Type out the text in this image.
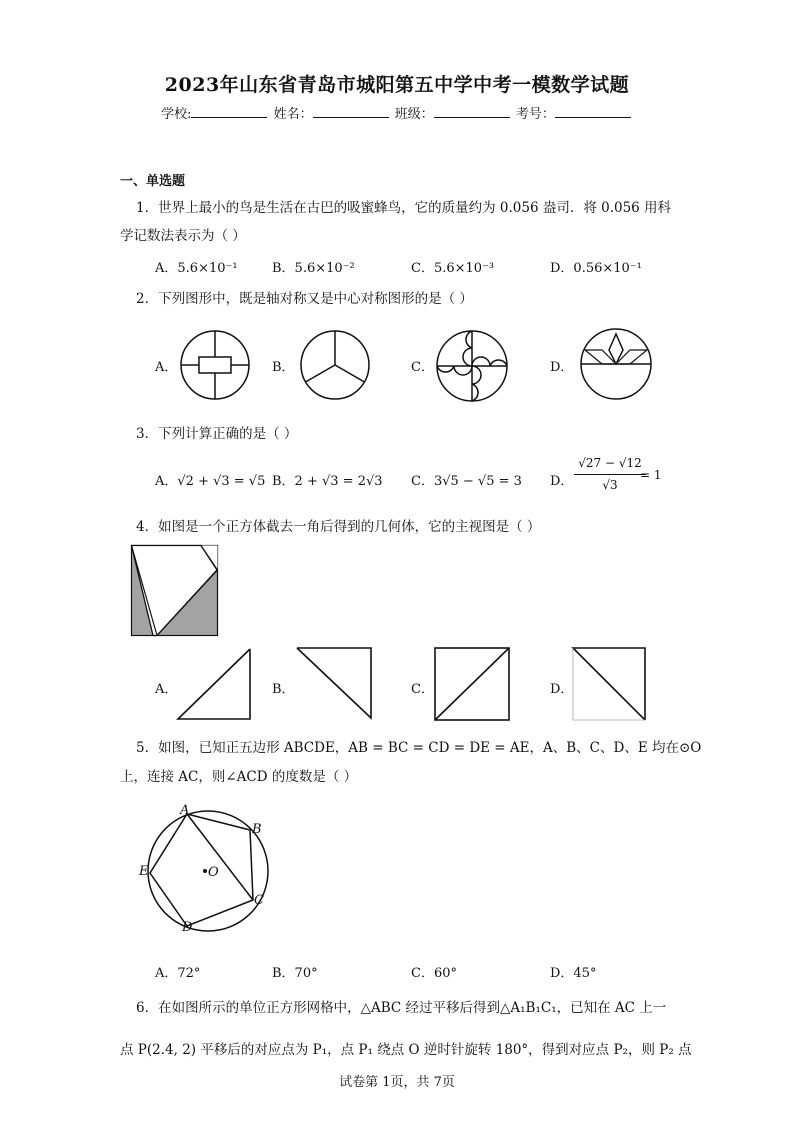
2023年山东省青岛市城阳第五中学中考一模数学试题
学校:	姓名：	班级：	考号：
一、单选题
1．世界上最小的鸟是生活在古巴的吸蜜蜂鸟，它的质量约为 0.056 盎司．将 0.056 用科
学记数法表示为（ ）
A．5.6×10⁻¹	B．5.6×10⁻²	C．5.6×10⁻³	D．0.56×10⁻¹
2．下列图形中，既是轴对称又是中心对称图形的是（ ）
A．	B．	C．	D．
3．下列计算正确的是（ ）
A．√2 + √3 = √5 B．2 + √3 = 2√3 C．3√5 − √5 = 3 D．
√27 − √12
√3
= 1
4．如图是一个正方体截去一角后得到的几何体，它的主视图是（ ）
A．	B．	C．	D．
5．如图，已知正五边形 ABCDE，AB = BC = CD = DE = AE，A、B、C、D、E 均在⊙O
上，连接 AC，则∠ACD 的度数是（ ）
A
B
C
D
E	O
A．72°	B．70°	C．60°	D．45°
6．在如图所示的单位正方形网格中，△ABC 经过平移后得到△A₁B₁C₁，已知在 AC 上一
点 P(2.4, 2) 平移后的对应点为 P₁，点 P₁ 绕点 O 逆时针旋转 180°，得到对应点 P₂，则 P₂ 点
试卷第 1页，共 7页
